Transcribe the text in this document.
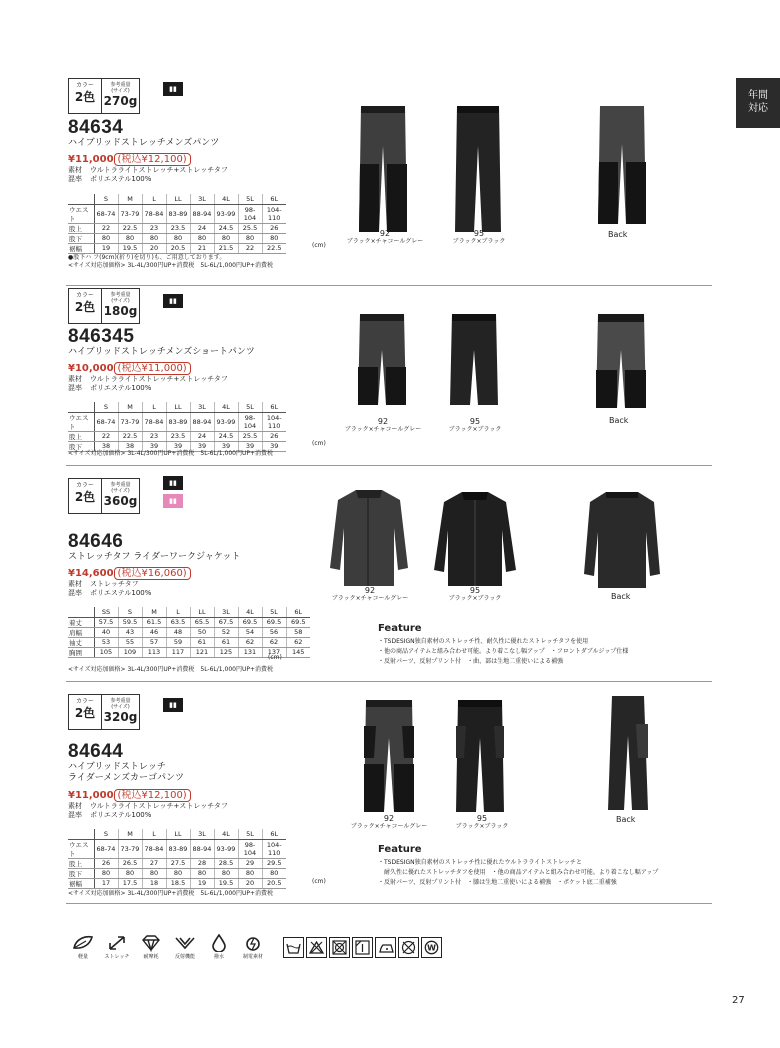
年間
対応
カラー
2色
参考重量
(サイズ)
270g
▮▮
84634
ハイブリッドストレッチメンズパンツ
¥11,000 (税込¥12,100)
素材 ウルトラライトストレッチ+ストレッチタフ
混率 ポリエステル100%
	S	M	L	LL	3L	4L	5L	6L
ウエスト	68-74	73-79	78-84	83-89	88-94	93-99	98-104	104-110
股上	22	22.5	23	23.5	24	24.5	25.5	26
股下	80	80	80	80	80	80	80	80
裾幅	19	19.5	20	20.5	21	21.5	22	22.5	(cm)
●股下ハ フ(9cm)(折り)を切り)も、ご用意しております。
<サイズ対応加価格> 3L-4L/300円UP+消費税　5L-6L/1,000円UP+消費税
92
ブラック×チャコールグレー
95
ブラック×ブラック
Back
カラー
2色
参考重量
(サイズ)
180g
▮▮
846345
ハイブリッドストレッチメンズショートパンツ
¥10,000 (税込¥11,000)
素材 ウルトラライトストレッチ+ストレッチタフ
混率 ポリエステル100%
	S	M	L	LL	3L	4L	5L	6L
ウエスト	68-74	73-79	78-84	83-89	88-94	93-99	98-104	104-110
股上	22	22.5	23	23.5	24	24.5	25.5	26
股下	38	38	39	39	39	39	39	39	(cm)
<サイズ対応加価格> 3L-4L/300円UP+消費税　5L-6L/1,000円UP+消費税
92
ブラック×チャコールグレー
95
ブラック×ブラック
Back
カラー
2色
参考重量
(サイズ)
360g
▮▮
▮▮
84646
ストレッチタフ ライダーワークジャケット
¥14,600 (税込¥16,060)
素材 ストレッチタフ
混率 ポリエステル100%
	SS	S	M	L	LL	3L	4L	5L	6L
着丈	57.5	59.5	61.5	63.5	65.5	67.5	69.5	69.5	69.5
肩幅	40	43	46	48	50	52	54	56	58
袖丈	53	55	57	59	61	61	62	62	62
胸囲	105	109	113	117	121	125	131	137	145
(cm)
<サイズ対応加価格> 3L-4L/300円UP+消費税　5L-6L/1,000円UP+消費税
92
ブラック×チャコールグレー
95
ブラック×ブラック	Back
Feature
・TSDESIGN独自素材のストレッチ性、耐久性に優れたストレッチタフを使用
・他の商品アイテムと組み合わせ可能。より着こなし幅アップ　・フロントダブルジップ仕様
・反射パーツ、反射プリント付　・曲、部は生地二重使いによる補強
カラー
2色
参考重量
(サイズ)
320g
▮▮
84644
ハイブリッドストレッチ
ライダーメンズカーゴパンツ
¥11,000 (税込¥12,100)
素材 ウルトラライトストレッチ+ストレッチタフ
混率 ポリエステル100%
	S	M	L	LL	3L	4L	5L	6L
ウエスト	68-74	73-79	78-84	83-89	88-94	93-99	98-104	104-110
股上	26	26.5	27	27.5	28	28.5	29	29.5
股下	80	80	80	80	80	80	80	80
裾幅	17	17.5	18	18.5	19	19.5	20	20.5	(cm)
<サイズ対応加価格> 3L-4L/300円UP+消費税　5L-6L/1,000円UP+消費税
92
ブラック×チャコールグレー
95
ブラック×ブラック
Back
Feature
・TSDESIGN独自素材のストレッチ性に優れたウルトラライトストレッチと
　耐久性に優れたストレッチタフを使用　・他の商品アイテムと組み合わせ可能。より着こなし幅アップ
・反射パーツ、反射プリント付　・膝は生地二重使いによる補強　・ポケット底二重補強
軽量	ストレッチ	耐摩耗	反射機能	撥水	制電素材
W
27
